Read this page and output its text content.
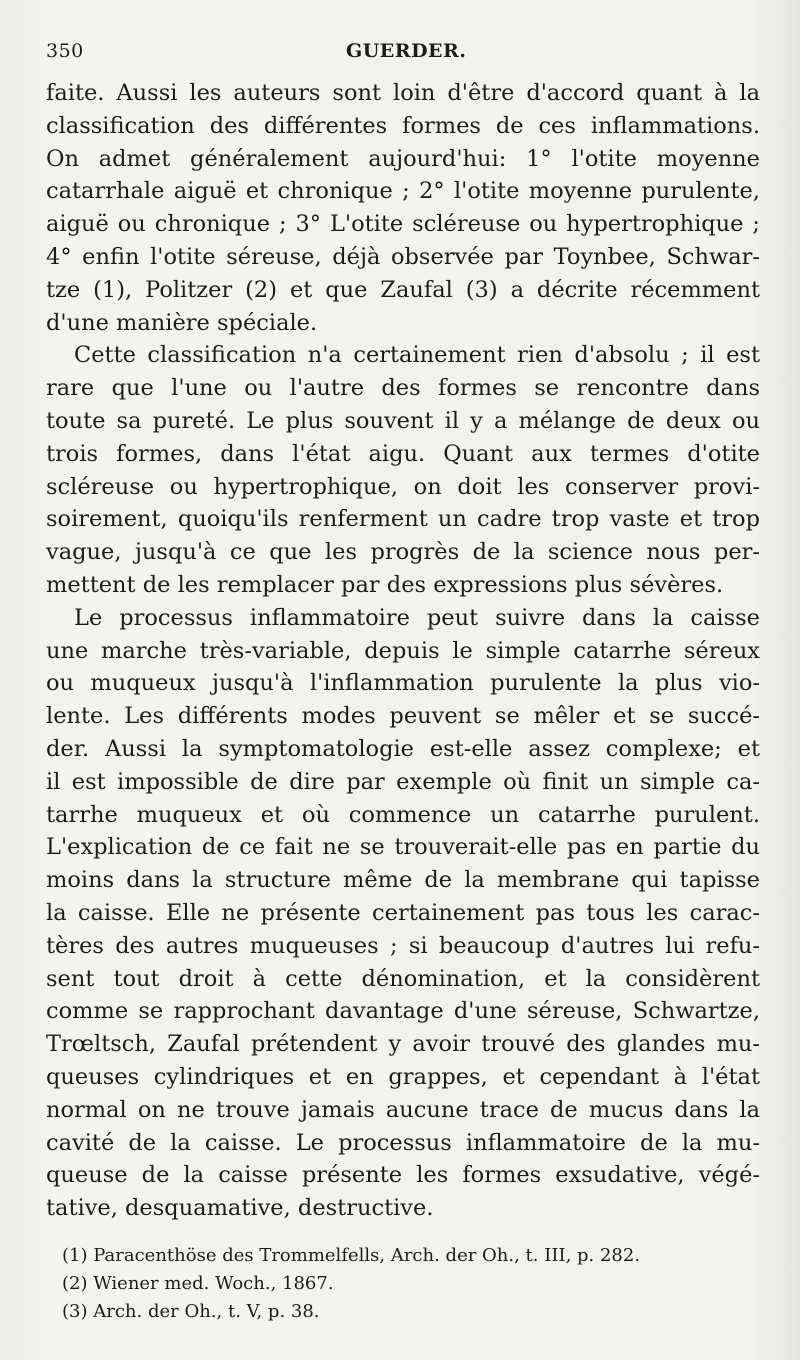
350	GUERDER.
faite. Aussi les auteurs sont loin d'être d'accord quant à la
classification des différentes formes de ces inflammations.
On admet généralement aujourd'hui: 1° l'otite moyenne
catarrhale aiguë et chronique ; 2° l'otite moyenne purulente,
aiguë ou chronique ; 3° L'otite scléreuse ou hypertrophique ;
4° enfin l'otite séreuse, déjà observée par Toynbee, Schwar-
tze (1), Politzer (2) et que Zaufal (3) a décrite récemment
d'une manière spéciale.
Cette classification n'a certainement rien d'absolu ; il est
rare que l'une ou l'autre des formes se rencontre dans
toute sa pureté. Le plus souvent il y a mélange de deux ou
trois formes, dans l'état aigu. Quant aux termes d'otite
scléreuse ou hypertrophique, on doit les conserver provi-
soirement, quoiqu'ils renferment un cadre trop vaste et trop
vague, jusqu'à ce que les progrès de la science nous per-
mettent de les remplacer par des expressions plus sévères.
Le processus inflammatoire peut suivre dans la caisse
une marche très-variable, depuis le simple catarrhe séreux
ou muqueux jusqu'à l'inflammation purulente la plus vio-
lente. Les différents modes peuvent se mêler et se succé-
der. Aussi la symptomatologie est-elle assez complexe; et
il est impossible de dire par exemple où finit un simple ca-
tarrhe muqueux et où commence un catarrhe purulent.
L'explication de ce fait ne se trouverait-elle pas en partie du
moins dans la structure même de la membrane qui tapisse
la caisse. Elle ne présente certainement pas tous les carac-
tères des autres muqueuses ; si beaucoup d'autres lui refu-
sent tout droit à cette dénomination, et la considèrent
comme se rapprochant davantage d'une séreuse, Schwartze,
Trœltsch, Zaufal prétendent y avoir trouvé des glandes mu-
queuses cylindriques et en grappes, et cependant à l'état
normal on ne trouve jamais aucune trace de mucus dans la
cavité de la caisse. Le processus inflammatoire de la mu-
queuse de la caisse présente les formes exsudative, végé-
tative, desquamative, destructive.
(1) Paracenthöse des Trommelfells, Arch. der Oh., t. III, p. 282.
(2) Wiener med. Woch., 1867.
(3) Arch. der Oh., t. V, p. 38.
